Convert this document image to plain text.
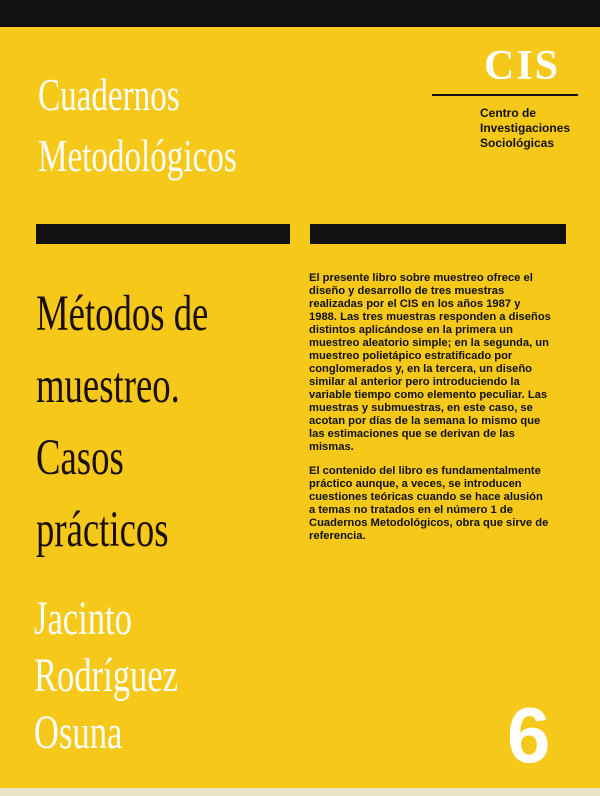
Cuadernos
Metodológicos
CIS
Centro de
Investigaciones
Sociológicas
Métodos de
muestreo.
Casos
prácticos
Jacinto
Rodríguez
Osuna

El presente libro sobre muestreo ofrece el diseño y desarrollo de tres muestras realizadas por el CIS en los años 1987 y 1988. Las tres muestras responden a diseños distintos aplicándose en la primera un muestreo aleatorio simple; en la segunda, un muestreo polietápico estratificado por conglomerados y, en la tercera, un diseño similar al anterior pero introduciendo la variable tiempo como elemento peculiar. Las muestras y submuestras, en este caso, se acotan por días de la semana lo mismo que las estimaciones que se derivan de las mismas.

El contenido del libro es fundamentalmente práctico aunque, a veces, se introducen cuestiones teóricas cuando se hace alusión a temas no tratados en el número 1 de Cuadernos Metodológicos, obra que sirve de referencia.

6
